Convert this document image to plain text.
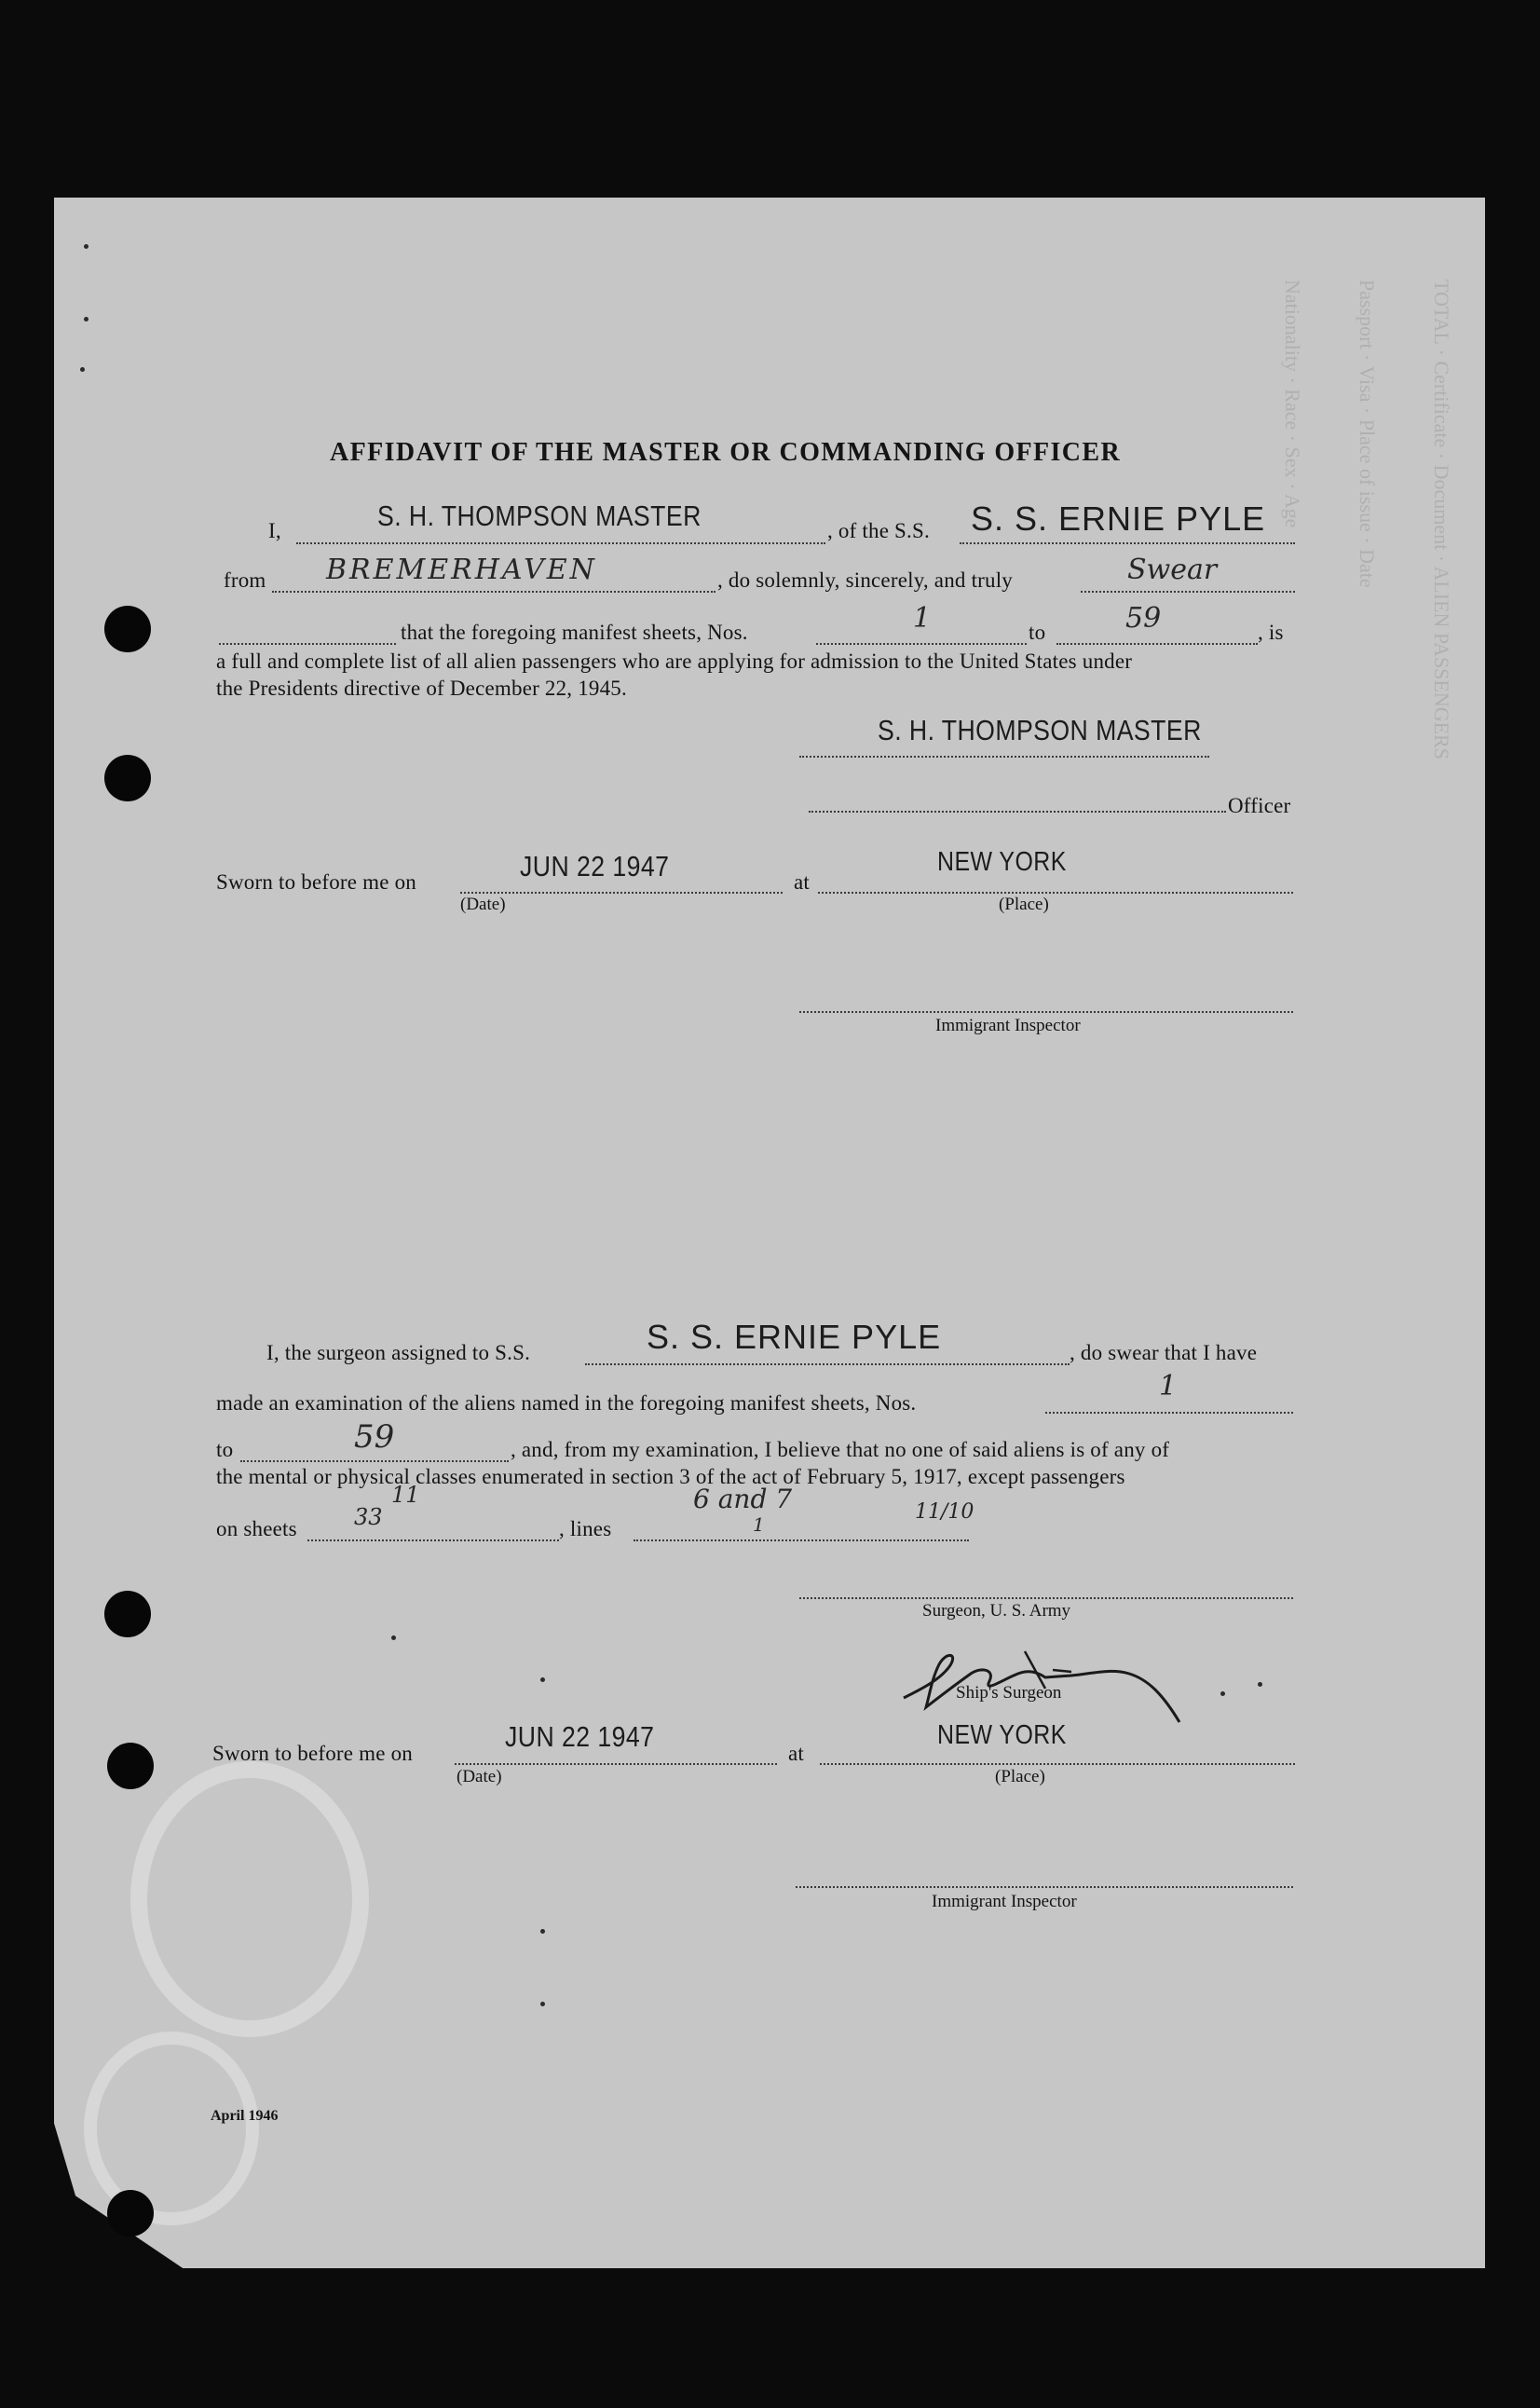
TOTAL · Certificate · Document · ALIEN PASSENGERS
Passport · Visa · Place of issue · Date
Nationality · Race · Sex · Age
AFFIDAVIT OF THE MASTER OR COMMANDING OFFICER
I,	S. H. THOMPSON MASTER	, of the S.S. S. S. ERNIE PYLE
from BREMERHAVEN	, do solemnly, sincerely, and truly	Swear
that the foregoing manifest sheets, Nos.	1	to	59	, is
a full and complete list of all alien passengers who are applying for admission to the United States under
the Presidents directive of December 22, 1945.
S. H. THOMPSON MASTER
Officer
Sworn to before me on	JUN 22 1947	at
NEW YORK
(Date)	(Place)
Immigrant Inspector
I, the surgeon assigned to S.S.	S. S. ERNIE PYLE	, do swear that I have
made an examination of the aliens named in the foregoing manifest sheets, Nos.
1
to	59	, and, from my examination, I believe that no one of said aliens is of any of
the mental or physical classes enumerated in section 3 of the act of February 5, 1917, except passengers
on sheets
11
33	, lines
6 and 7
1
11/10
Surgeon, U. S. Army
Ship's Surgeon
Sworn to before me on
JUN 22 1947
at
NEW YORK
(Date)	(Place)
Immigrant Inspector
April 1946
